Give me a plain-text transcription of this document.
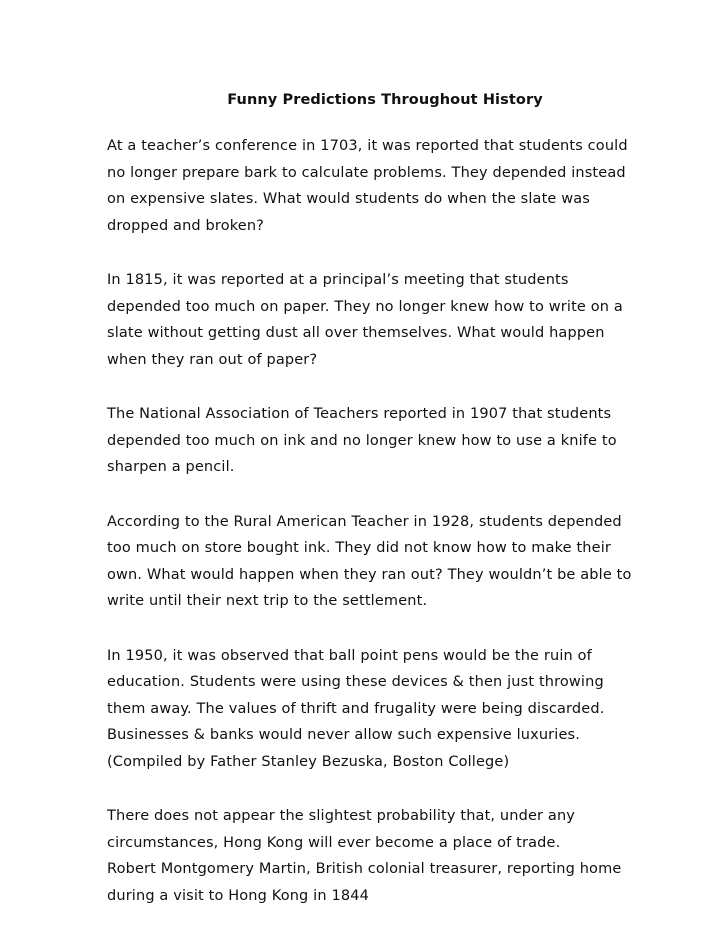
Funny Predictions Throughout History

At a teacher’s conference in 1703, it was reported that students could
no longer prepare bark to calculate problems. They depended instead
on expensive slates. What would students do when the slate was
dropped and broken?

In 1815, it was reported at a principal’s meeting that students
depended too much on paper. They no longer knew how to write on a
slate without getting dust all over themselves. What would happen
when they ran out of paper?

The National Association of Teachers reported in 1907 that students
depended too much on ink and no longer knew how to use a knife to
sharpen a pencil.

According to the Rural American Teacher in 1928, students depended
too much on store bought ink. They did not know how to make their
own. What would happen when they ran out? They wouldn’t be able to
write until their next trip to the settlement.

In 1950, it was observed that ball point pens would be the ruin of
education. Students were using these devices & then just throwing
them away. The values of thrift and frugality were being discarded.
Businesses & banks would never allow such expensive luxuries.
(Compiled by Father Stanley Bezuska, Boston College)

There does not appear the slightest probability that, under any
circumstances, Hong Kong will ever become a place of trade.
Robert Montgomery Martin, British colonial treasurer, reporting home
during a visit to Hong Kong in 1844
